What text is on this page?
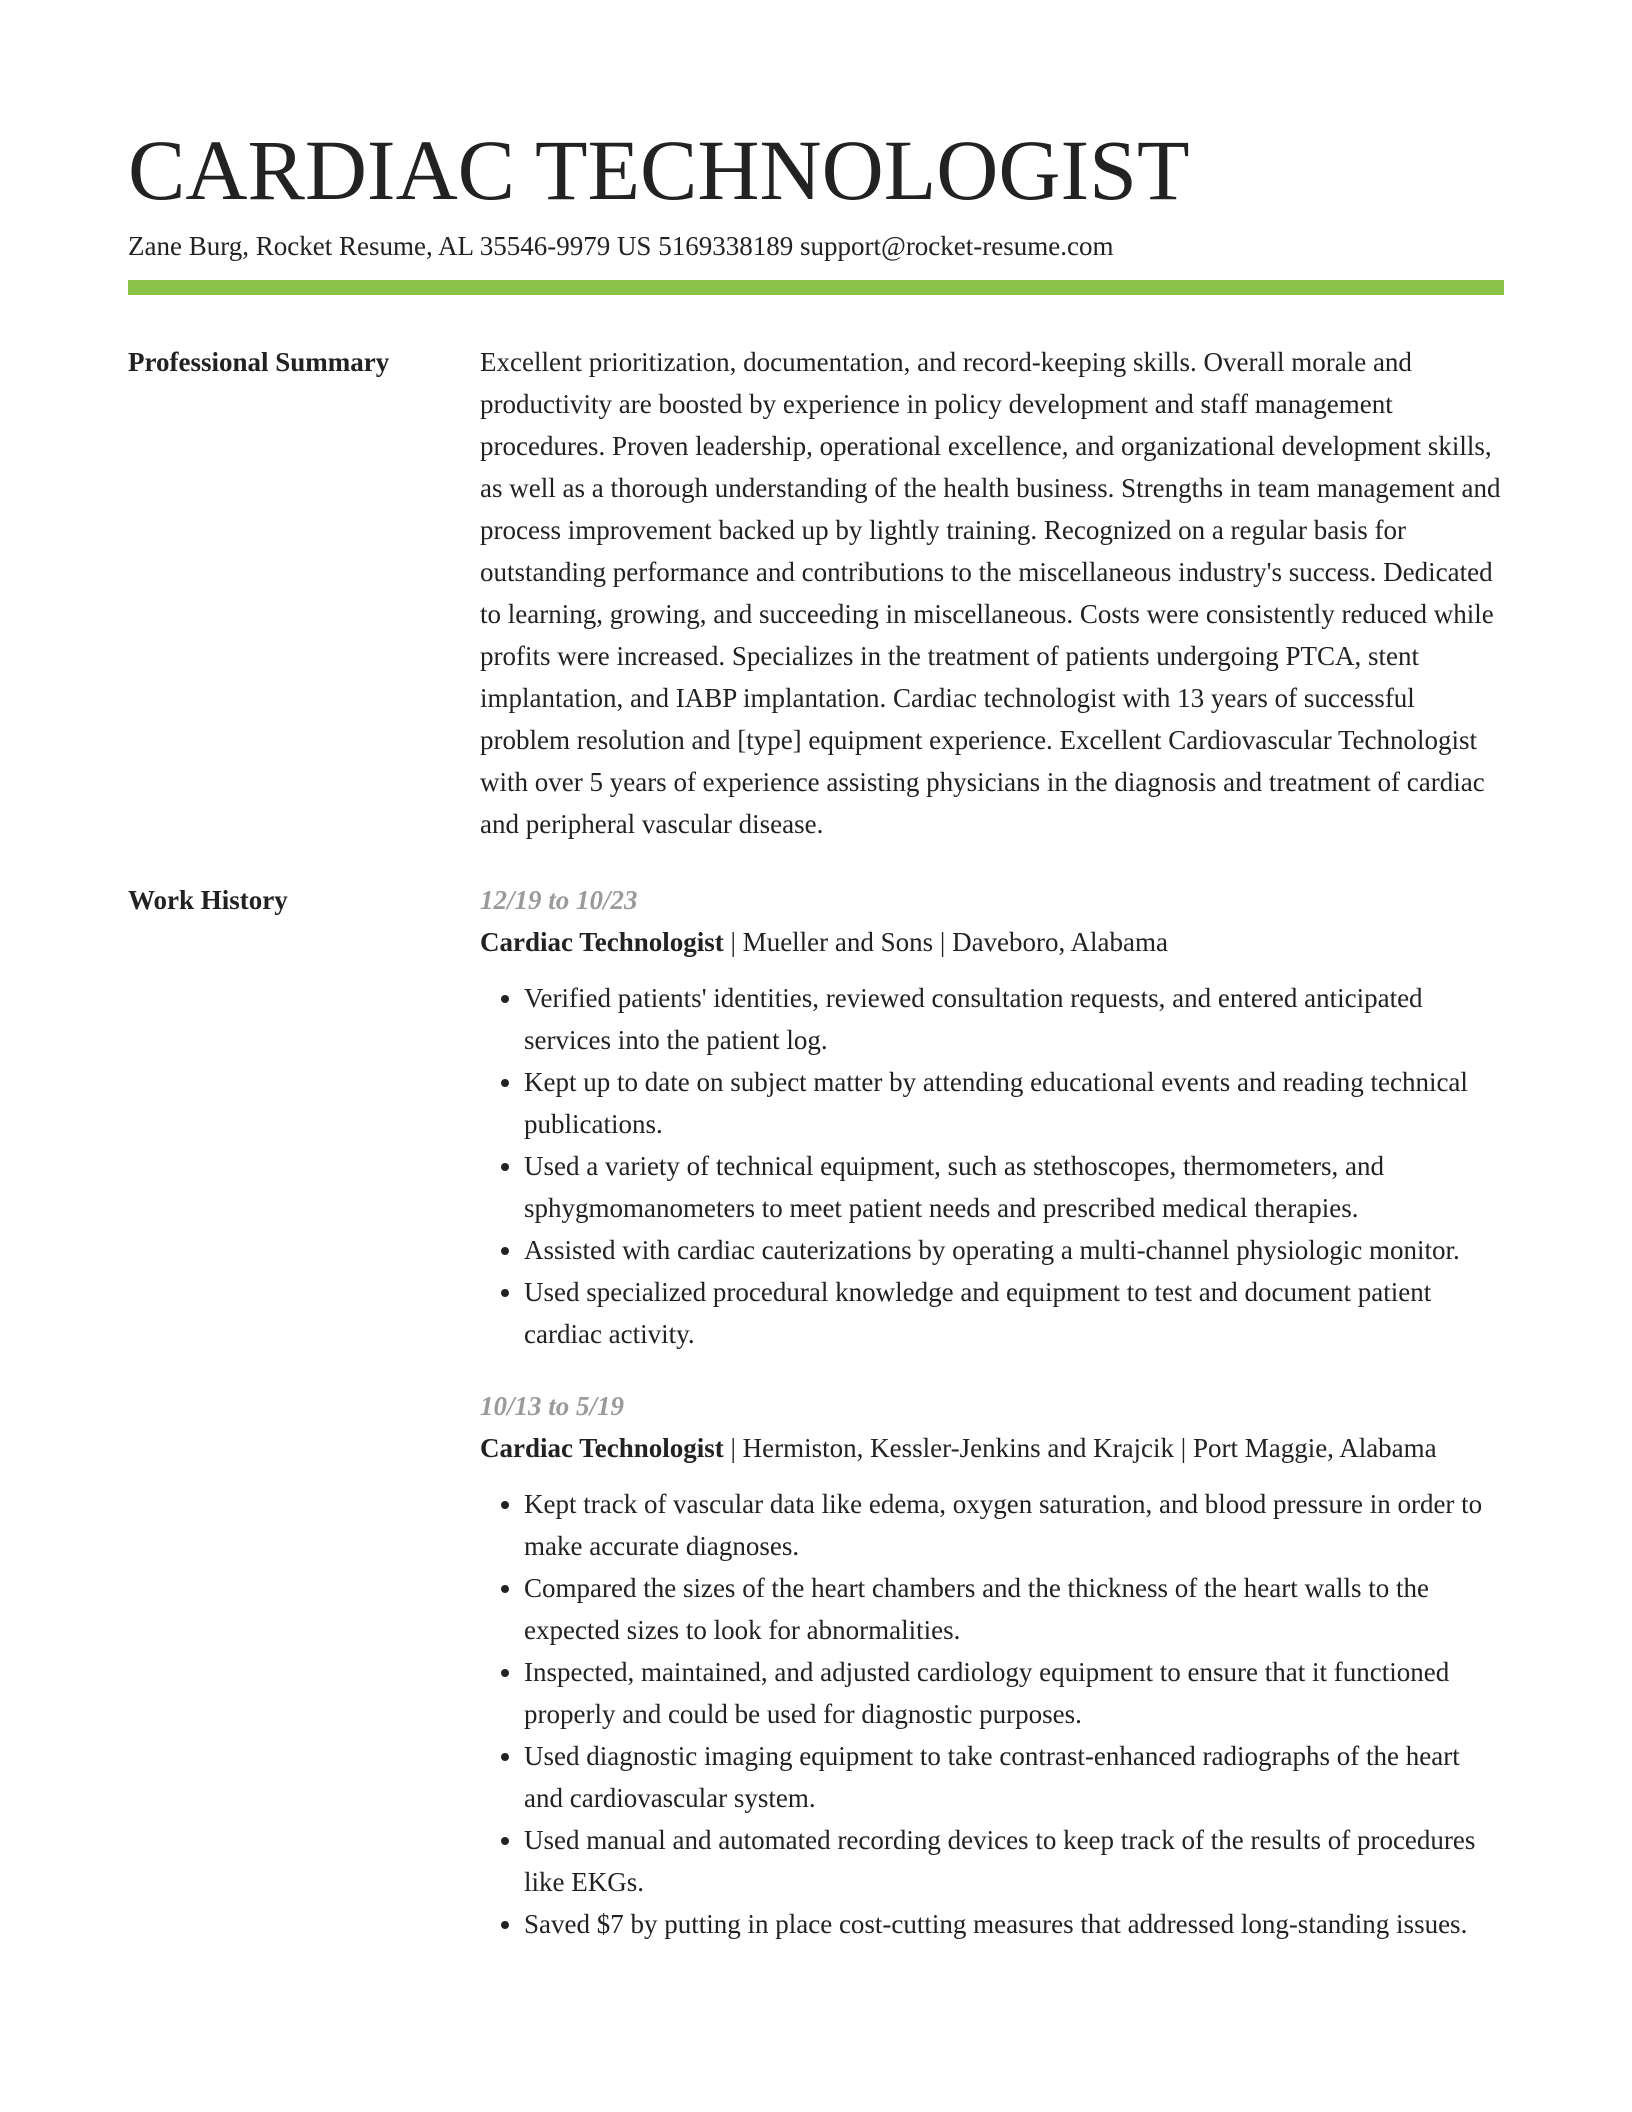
CARDIAC TECHNOLOGIST
Zane Burg, Rocket Resume, AL 35546-9979 US 5169338189 support@rocket-resume.com
Professional Summary	Excellent prioritization, documentation, and record-keeping skills. Overall morale and productivity are boosted by experience in policy development and staff management procedures. Proven leadership, operational excellence, and organizational development skills, as well as a thorough understanding of the health business. Strengths in team management and process improvement backed up by lightly training. Recognized on a regular basis for outstanding performance and contributions to the miscellaneous industry's success. Dedicated to learning, growing, and succeeding in miscellaneous. Costs were consistently reduced while profits were increased. Specializes in the treatment of patients undergoing PTCA, stent implantation, and IABP implantation. Cardiac technologist with 13 years of successful problem resolution and [type] equipment experience. Excellent Cardiovascular Technologist with over 5 years of experience assisting physicians in the diagnosis and treatment of cardiac and peripheral vascular disease.

Work History	12/19 to 10/23
Cardiac Technologist | Mueller and Sons | Daveboro, Alabama
• Verified patients' identities, reviewed consultation requests, and entered anticipated services into the patient log.
• Kept up to date on subject matter by attending educational events and reading technical publications.
• Used a variety of technical equipment, such as stethoscopes, thermometers, and sphygmomanometers to meet patient needs and prescribed medical therapies.
• Assisted with cardiac cauterizations by operating a multi-channel physiologic monitor.
• Used specialized procedural knowledge and equipment to test and document patient cardiac activity.
10/13 to 5/19
Cardiac Technologist | Hermiston, Kessler-Jenkins and Krajcik | Port Maggie, Alabama
• Kept track of vascular data like edema, oxygen saturation, and blood pressure in order to make accurate diagnoses.
• Compared the sizes of the heart chambers and the thickness of the heart walls to the expected sizes to look for abnormalities.
• Inspected, maintained, and adjusted cardiology equipment to ensure that it functioned properly and could be used for diagnostic purposes.
• Used diagnostic imaging equipment to take contrast-enhanced radiographs of the heart and cardiovascular system.
• Used manual and automated recording devices to keep track of the results of procedures like EKGs.
• Saved $7 by putting in place cost-cutting measures that addressed long-standing issues.
